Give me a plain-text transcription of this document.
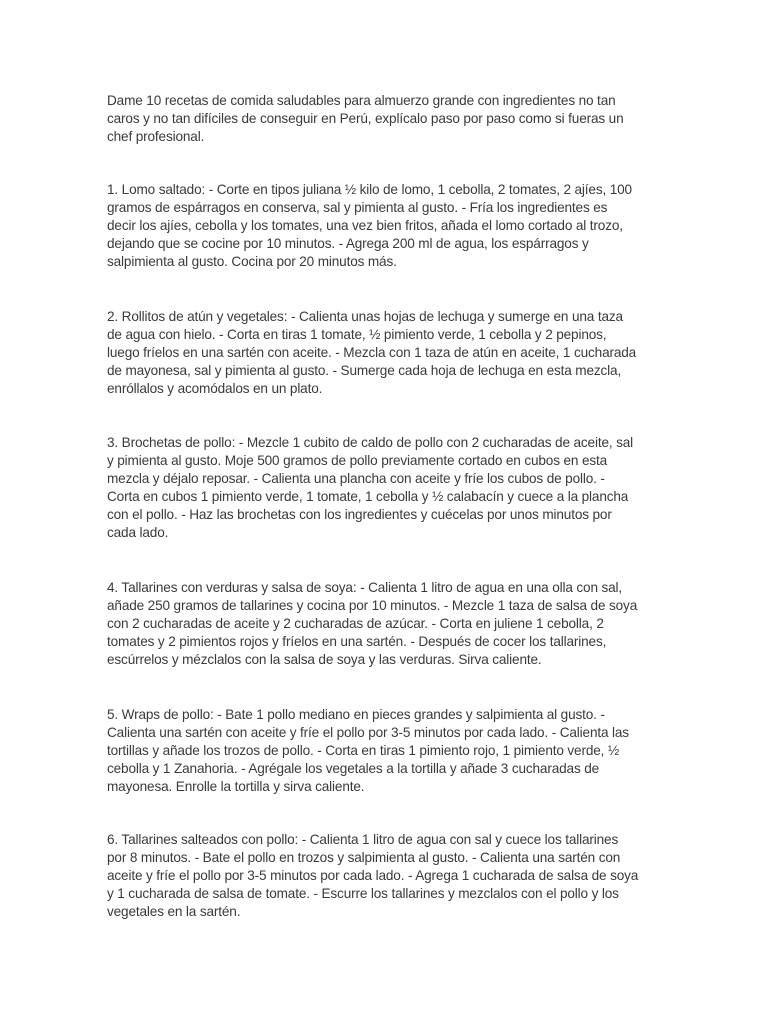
Dame 10 recetas de comida saludables para almuerzo grande con ingredientes no tan
caros y no tan difíciles de conseguir en Perú, explícalo paso por paso como si fueras un
chef profesional.

1. Lomo saltado: - Corte en tipos juliana ½ kilo de lomo, 1 cebolla, 2 tomates, 2 ajíes, 100
gramos de espárragos en conserva, sal y pimienta al gusto. - Fría los ingredientes es
decir los ajíes, cebolla y los tomates, una vez bien fritos, añada el lomo cortado al trozo,
dejando que se cocine por 10 minutos. - Agrega 200 ml de agua, los espárragos y
salpimienta al gusto. Cocina por 20 minutos más.

2. Rollitos de atún y vegetales: - Calienta unas hojas de lechuga y sumerge en una taza
de agua con hielo. - Corta en tiras 1 tomate, ½ pimiento verde, 1 cebolla y 2 pepinos,
luego fríelos en una sartén con aceite. - Mezcla con 1 taza de atún en aceite, 1 cucharada
de mayonesa, sal y pimienta al gusto. - Sumerge cada hoja de lechuga en esta mezcla,
enróllalos y acomódalos en un plato.

3. Brochetas de pollo: - Mezcle 1 cubito de caldo de pollo con 2 cucharadas de aceite, sal
y pimienta al gusto. Moje 500 gramos de pollo previamente cortado en cubos en esta
mezcla y déjalo reposar. - Calienta una plancha con aceite y fríe los cubos de pollo. -
Corta en cubos 1 pimiento verde, 1 tomate, 1 cebolla y ½ calabacín y cuece a la plancha
con el pollo. - Haz las brochetas con los ingredientes y cuécelas por unos minutos por
cada lado.

4. Tallarines con verduras y salsa de soya: - Calienta 1 litro de agua en una olla con sal,
añade 250 gramos de tallarines y cocina por 10 minutos. - Mezcle 1 taza de salsa de soya
con 2 cucharadas de aceite y 2 cucharadas de azúcar. - Corta en juliene 1 cebolla, 2
tomates y 2 pimientos rojos y fríelos en una sartén. - Después de cocer los tallarines,
escúrrelos y mézclalos con la salsa de soya y las verduras. Sirva caliente.

5. Wraps de pollo: - Bate 1 pollo mediano en pieces grandes y salpimienta al gusto. -
Calienta una sartén con aceite y fríe el pollo por 3-5 minutos por cada lado. - Calienta las
tortillas y añade los trozos de pollo. - Corta en tiras 1 pimiento rojo, 1 pimiento verde, ½
cebolla y 1 Zanahoria. - Agrégale los vegetales a la tortilla y añade 3 cucharadas de
mayonesa. Enrolle la tortilla y sirva caliente.

6. Tallarines salteados con pollo: - Calienta 1 litro de agua con sal y cuece los tallarines
por 8 minutos. - Bate el pollo en trozos y salpimienta al gusto. - Calienta una sartén con
aceite y fríe el pollo por 3-5 minutos por cada lado. - Agrega 1 cucharada de salsa de soya
y 1 cucharada de salsa de tomate. - Escurre los tallarines y mezclalos con el pollo y los
vegetales en la sartén.
